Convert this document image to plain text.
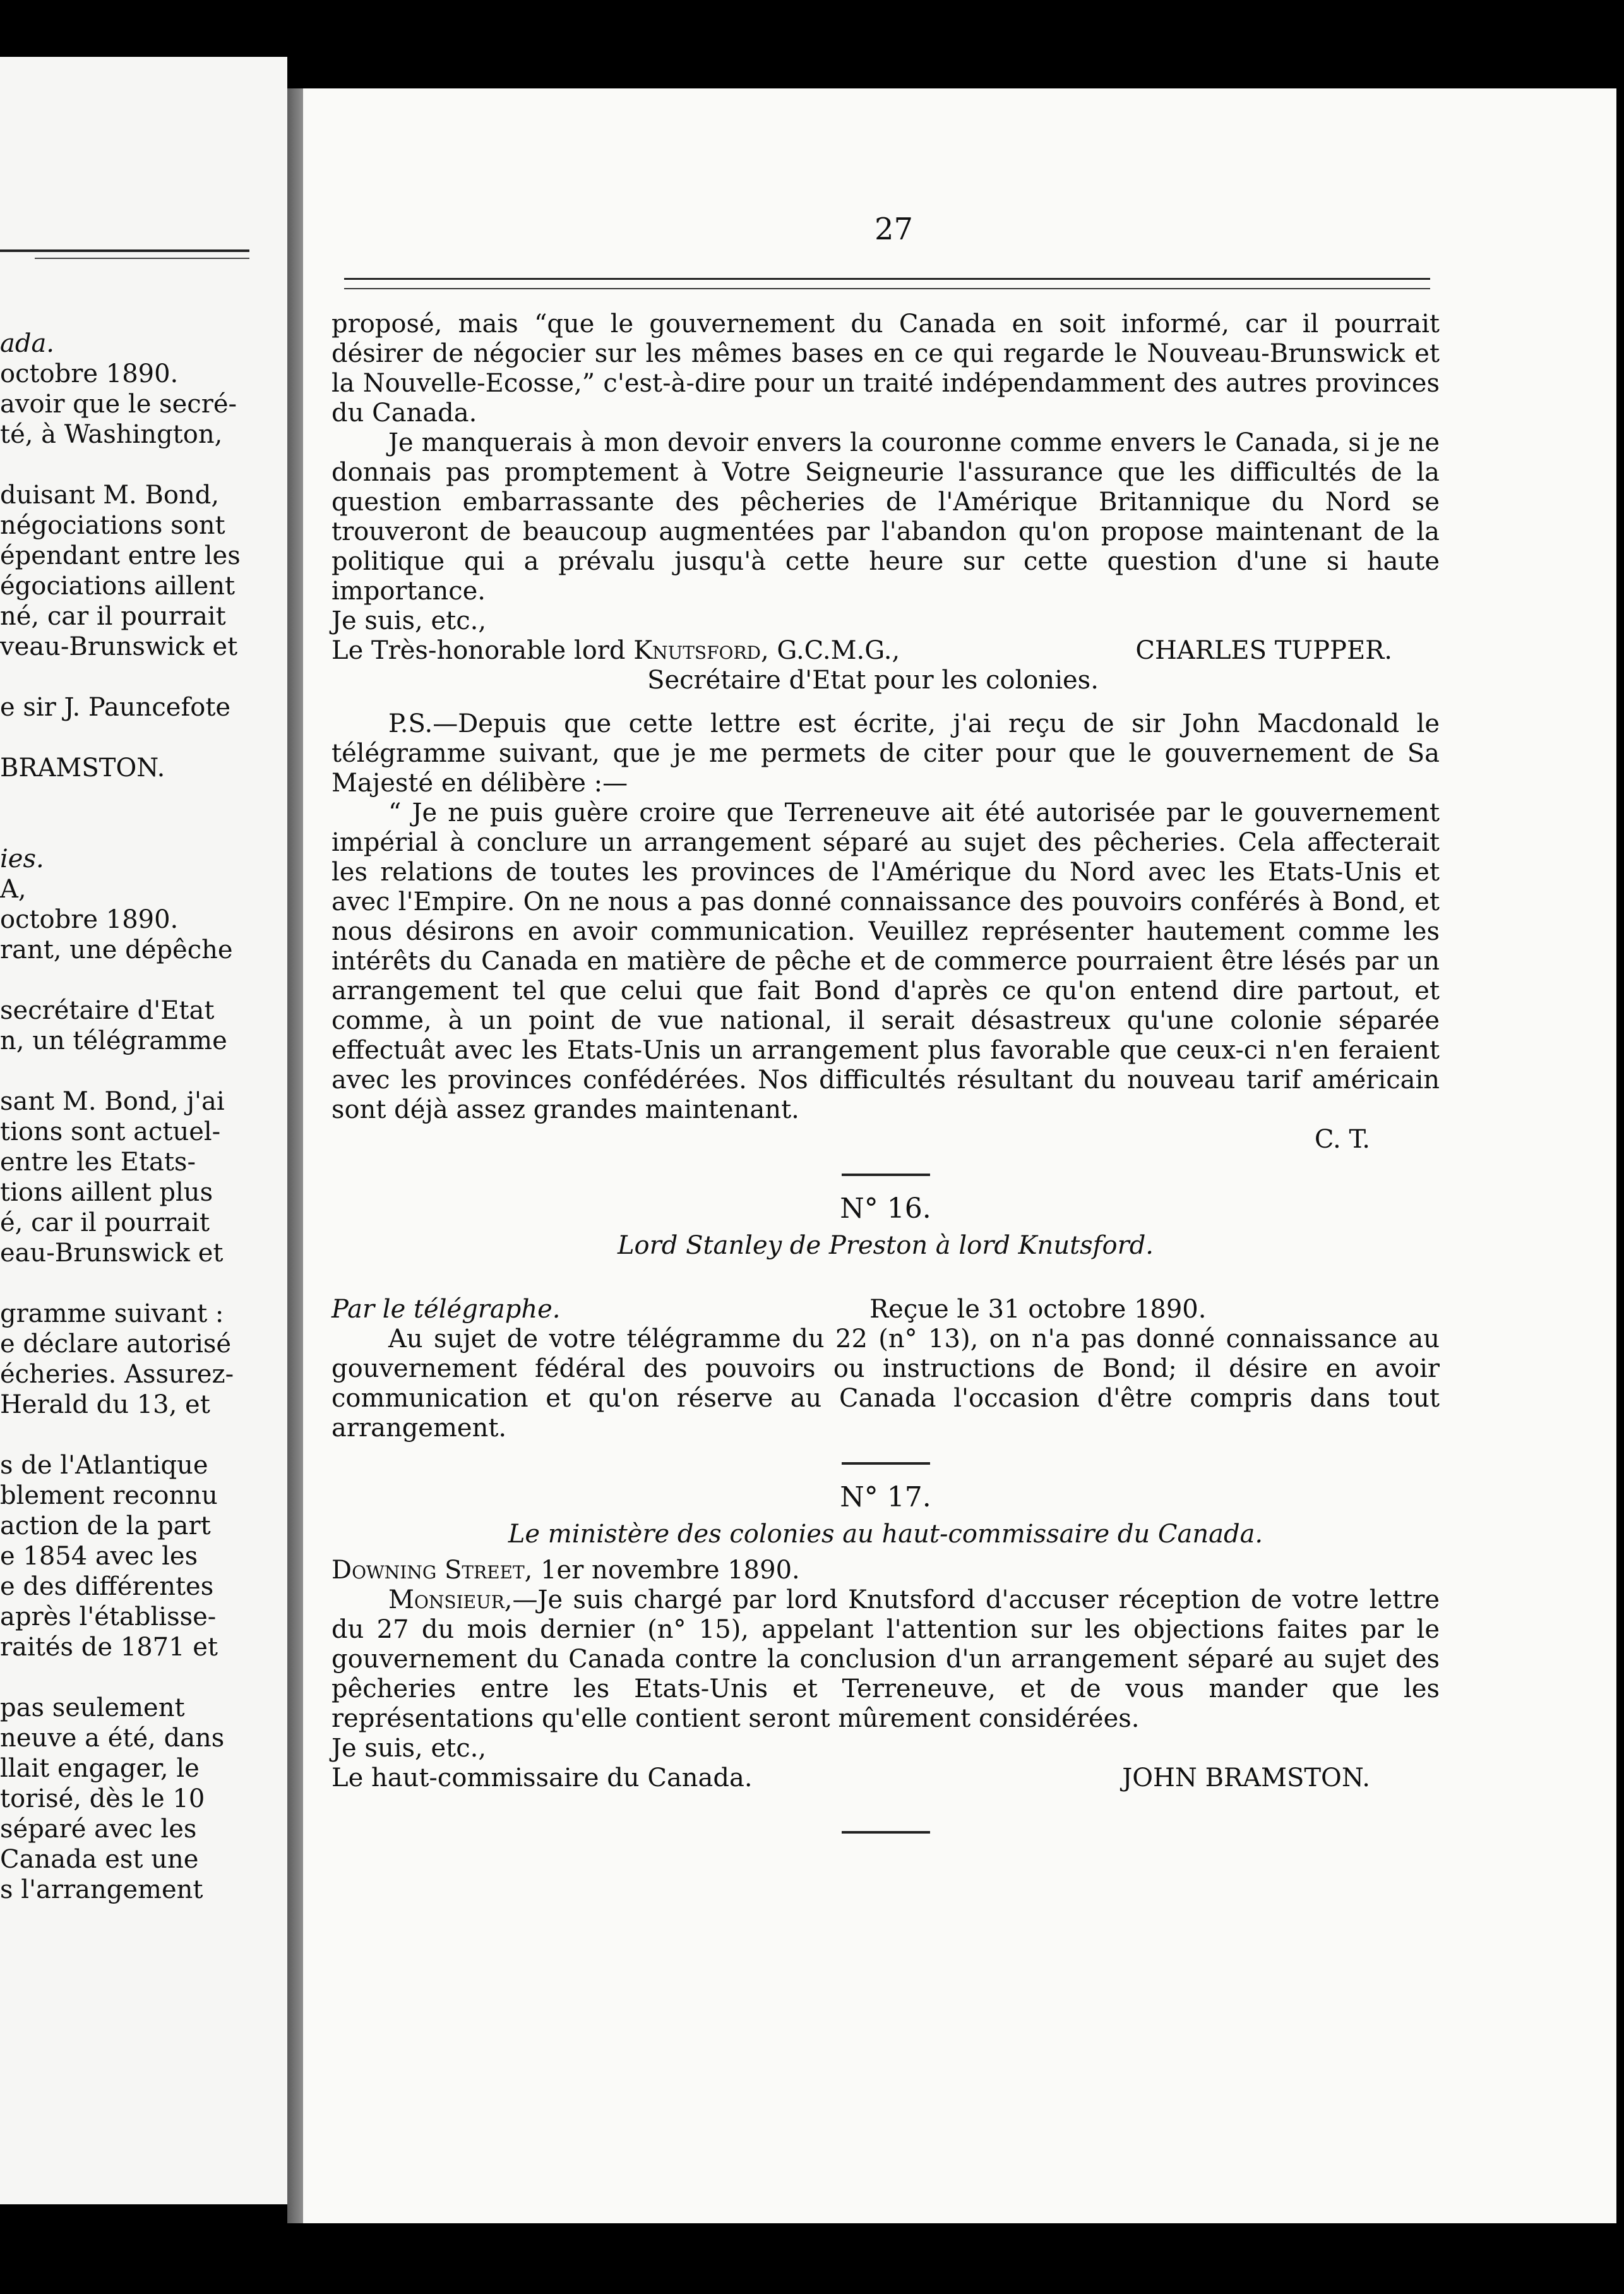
ada.
octobre 1890.
avoir que le secré-
té, à Washington,
duisant M. Bond,
négociations sont
épendant entre les
égociations aillent
né, car il pourrait
veau-Brunswick et
e sir J. Pauncefote
BRAMSTON.
ies.
A,
octobre 1890.
rant, une dépêche
secrétaire d'Etat
n, un télégramme
sant M. Bond, j'ai
tions sont actuel-
entre les Etats-
tions aillent plus
é, car il pourrait
eau-Brunswick et
gramme suivant :
e déclare autorisé
écheries. Assurez-
Herald du 13, et
s de l'Atlantique
blement reconnu
action de la part
e 1854 avec les
e des différentes
après l'établisse-
raités de 1871 et
pas seulement
neuve a été, dans
llait engager, le
torisé, dès le 10
séparé avec les
Canada est une
s l'arrangement
27

proposé, mais “que le gouvernement du Canada en soit informé, car il pourrait désirer de négocier sur les mêmes bases en ce qui regarde le Nouveau-Brunswick et la Nouvelle-Ecosse,” c'est-à-dire pour un traité indépendamment des autres provinces du Canada.

Je manquerais à mon devoir envers la couronne comme envers le Canada, si je ne donnais pas promptement à Votre Seigneurie l'assurance que les difficultés de la question embarrassante des pêcheries de l'Amérique Britannique du Nord se trouveront de beaucoup augmentées par l'abandon qu'on propose maintenant de la politique qui a prévalu jusqu'à cette heure sur cette question d'une si haute importance.

Je suis, etc.,

Le Très-honorable lord Knutsford, G.C.M.G.,	CHARLES TUPPER.
Secrétaire d'Etat pour les colonies.

P.S.—Depuis que cette lettre est écrite, j'ai reçu de sir John Macdonald le télégramme suivant, que je me permets de citer pour que le gouvernement de Sa Majesté en délibère :—

“ Je ne puis guère croire que Terreneuve ait été autorisée par le gouvernement impérial à conclure un arrangement séparé au sujet des pêcheries. Cela affecterait les relations de toutes les provinces de l'Amérique du Nord avec les Etats-Unis et avec l'Empire. On ne nous a pas donné connaissance des pouvoirs conférés à Bond, et nous désirons en avoir communication. Veuillez représenter hautement comme les intérêts du Canada en matière de pêche et de commerce pourraient être lésés par un arrangement tel que celui que fait Bond d'après ce qu'on entend dire partout, et comme, à un point de vue national, il serait désastreux qu'une colonie séparée effectuât avec les Etats-Unis un arrangement plus favorable que ceux-ci n'en feraient avec les provinces confédérées. Nos difficultés résultant du nouveau tarif américain sont déjà assez grandes maintenant.

C. T.
N° 16.
Lord Stanley de Preston à lord Knutsford.
Par le télégraphe.	Reçue le 31 octobre 1890.

Au sujet de votre télégramme du 22 (n° 13), on n'a pas donné connaissance au gouvernement fédéral des pouvoirs ou instructions de Bond; il désire en avoir communication et qu'on réserve au Canada l'occasion d'être compris dans tout arrangement.

N° 17.
Le ministère des colonies au haut-commissaire du Canada.

Downing Street, 1er novembre 1890.

Monsieur,—Je suis chargé par lord Knutsford d'accuser réception de votre lettre du 27 du mois dernier (n° 15), appelant l'attention sur les objections faites par le gouvernement du Canada contre la conclusion d'un arrangement séparé au sujet des pêcheries entre les Etats-Unis et Terreneuve, et de vous mander que les représentations qu'elle contient seront mûrement considérées.

Je suis, etc.,

Le haut-commissaire du Canada.	JOHN BRAMSTON.
